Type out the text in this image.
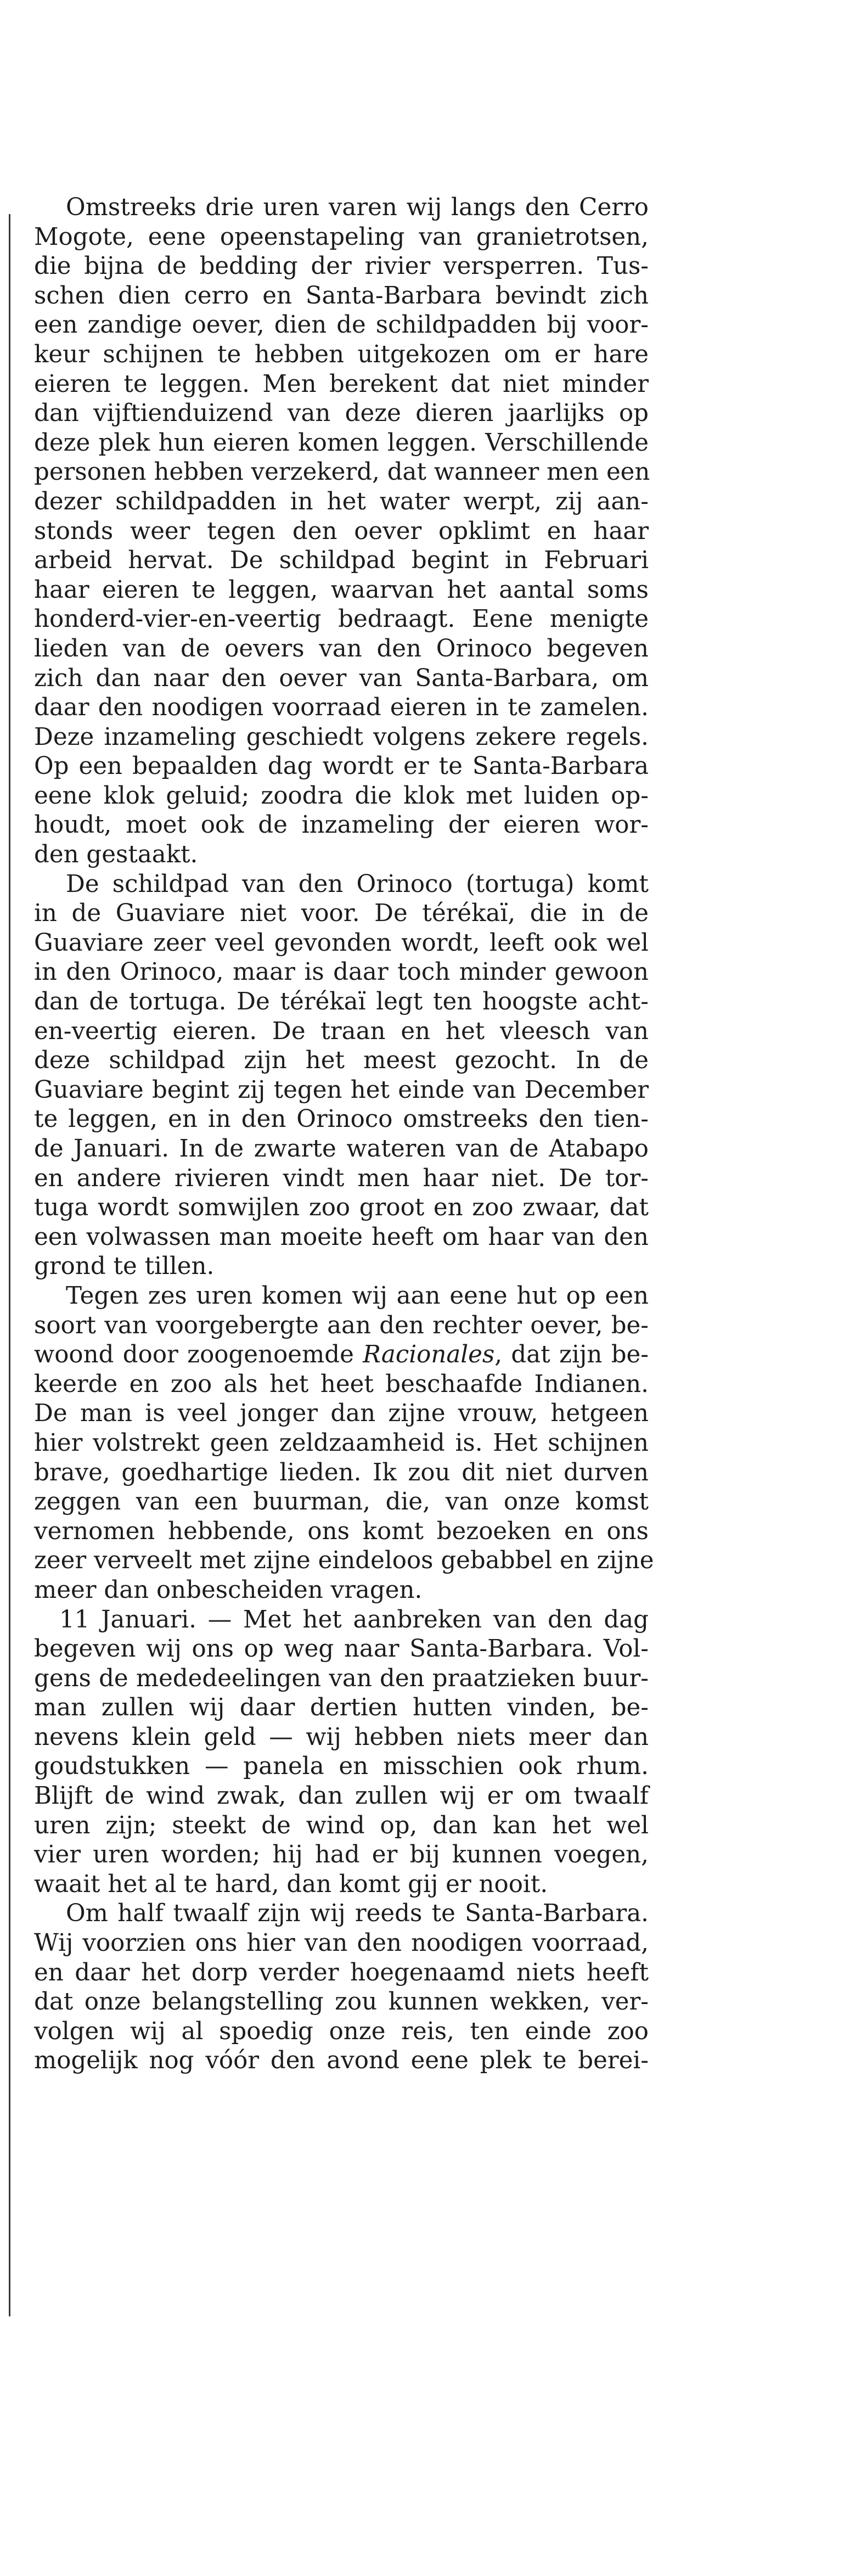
Omstreeks drie uren varen wij langs den Cerro
Mogote, eene opeenstapeling van granietrotsen,
die bijna de bedding der rivier versperren. Tus-
schen dien cerro en Santa-Barbara bevindt zich
een zandige oever, dien de schildpadden bij voor-
keur schijnen te hebben uitgekozen om er hare
eieren te leggen. Men berekent dat niet minder
dan vijftienduizend van deze dieren jaarlijks op
deze plek hun eieren komen leggen. Verschillende
personen hebben verzekerd, dat wanneer men een
dezer schildpadden in het water werpt, zij aan-
stonds weer tegen den oever opklimt en haar
arbeid hervat. De schildpad begint in Februari
haar eieren te leggen, waarvan het aantal soms
honderd-vier-en-veertig bedraagt. Eene menigte
lieden van de oevers van den Orinoco begeven
zich dan naar den oever van Santa-Barbara, om
daar den noodigen voorraad eieren in te zamelen.
Deze inzameling geschiedt volgens zekere regels.
Op een bepaalden dag wordt er te Santa-Barbara
eene klok geluid; zoodra die klok met luiden op-
houdt, moet ook de inzameling der eieren wor-
den gestaakt.
De schildpad van den Orinoco (tortuga) komt
in de Guaviare niet voor. De térékaï, die in de
Guaviare zeer veel gevonden wordt, leeft ook wel
in den Orinoco, maar is daar toch minder gewoon
dan de tortuga. De térékaï legt ten hoogste acht-
en-veertig eieren. De traan en het vleesch van
deze schildpad zijn het meest gezocht. In de
Guaviare begint zij tegen het einde van December
te leggen, en in den Orinoco omstreeks den tien-
de Januari. In de zwarte wateren van de Atabapo
en andere rivieren vindt men haar niet. De tor-
tuga wordt somwijlen zoo groot en zoo zwaar, dat
een volwassen man moeite heeft om haar van den
grond te tillen.
Tegen zes uren komen wij aan eene hut op een
soort van voorgebergte aan den rechter oever, be-
woond door zoogenoemde Racionales, dat zijn be-
keerde en zoo als het heet beschaafde Indianen.
De man is veel jonger dan zijne vrouw, hetgeen
hier volstrekt geen zeldzaamheid is. Het schijnen
brave, goedhartige lieden. Ik zou dit niet durven
zeggen van een buurman, die, van onze komst
vernomen hebbende, ons komt bezoeken en ons
zeer verveelt met zijne eindeloos gebabbel en zijne
meer dan onbescheiden vragen.
11 Januari. — Met het aanbreken van den dag
begeven wij ons op weg naar Santa-Barbara. Vol-
gens de mededeelingen van den praatzieken buur-
man zullen wij daar dertien hutten vinden, be-
nevens klein geld — wij hebben niets meer dan
goudstukken — panela en misschien ook rhum.
Blijft de wind zwak, dan zullen wij er om twaalf
uren zijn; steekt de wind op, dan kan het wel
vier uren worden; hij had er bij kunnen voegen,
waait het al te hard, dan komt gij er nooit.
Om half twaalf zijn wij reeds te Santa-Barbara.
Wij voorzien ons hier van den noodigen voorraad,
en daar het dorp verder hoegenaamd niets heeft
dat onze belangstelling zou kunnen wekken, ver-
volgen wij al spoedig onze reis, ten einde zoo
mogelijk nog vóór den avond eene plek te berei-
